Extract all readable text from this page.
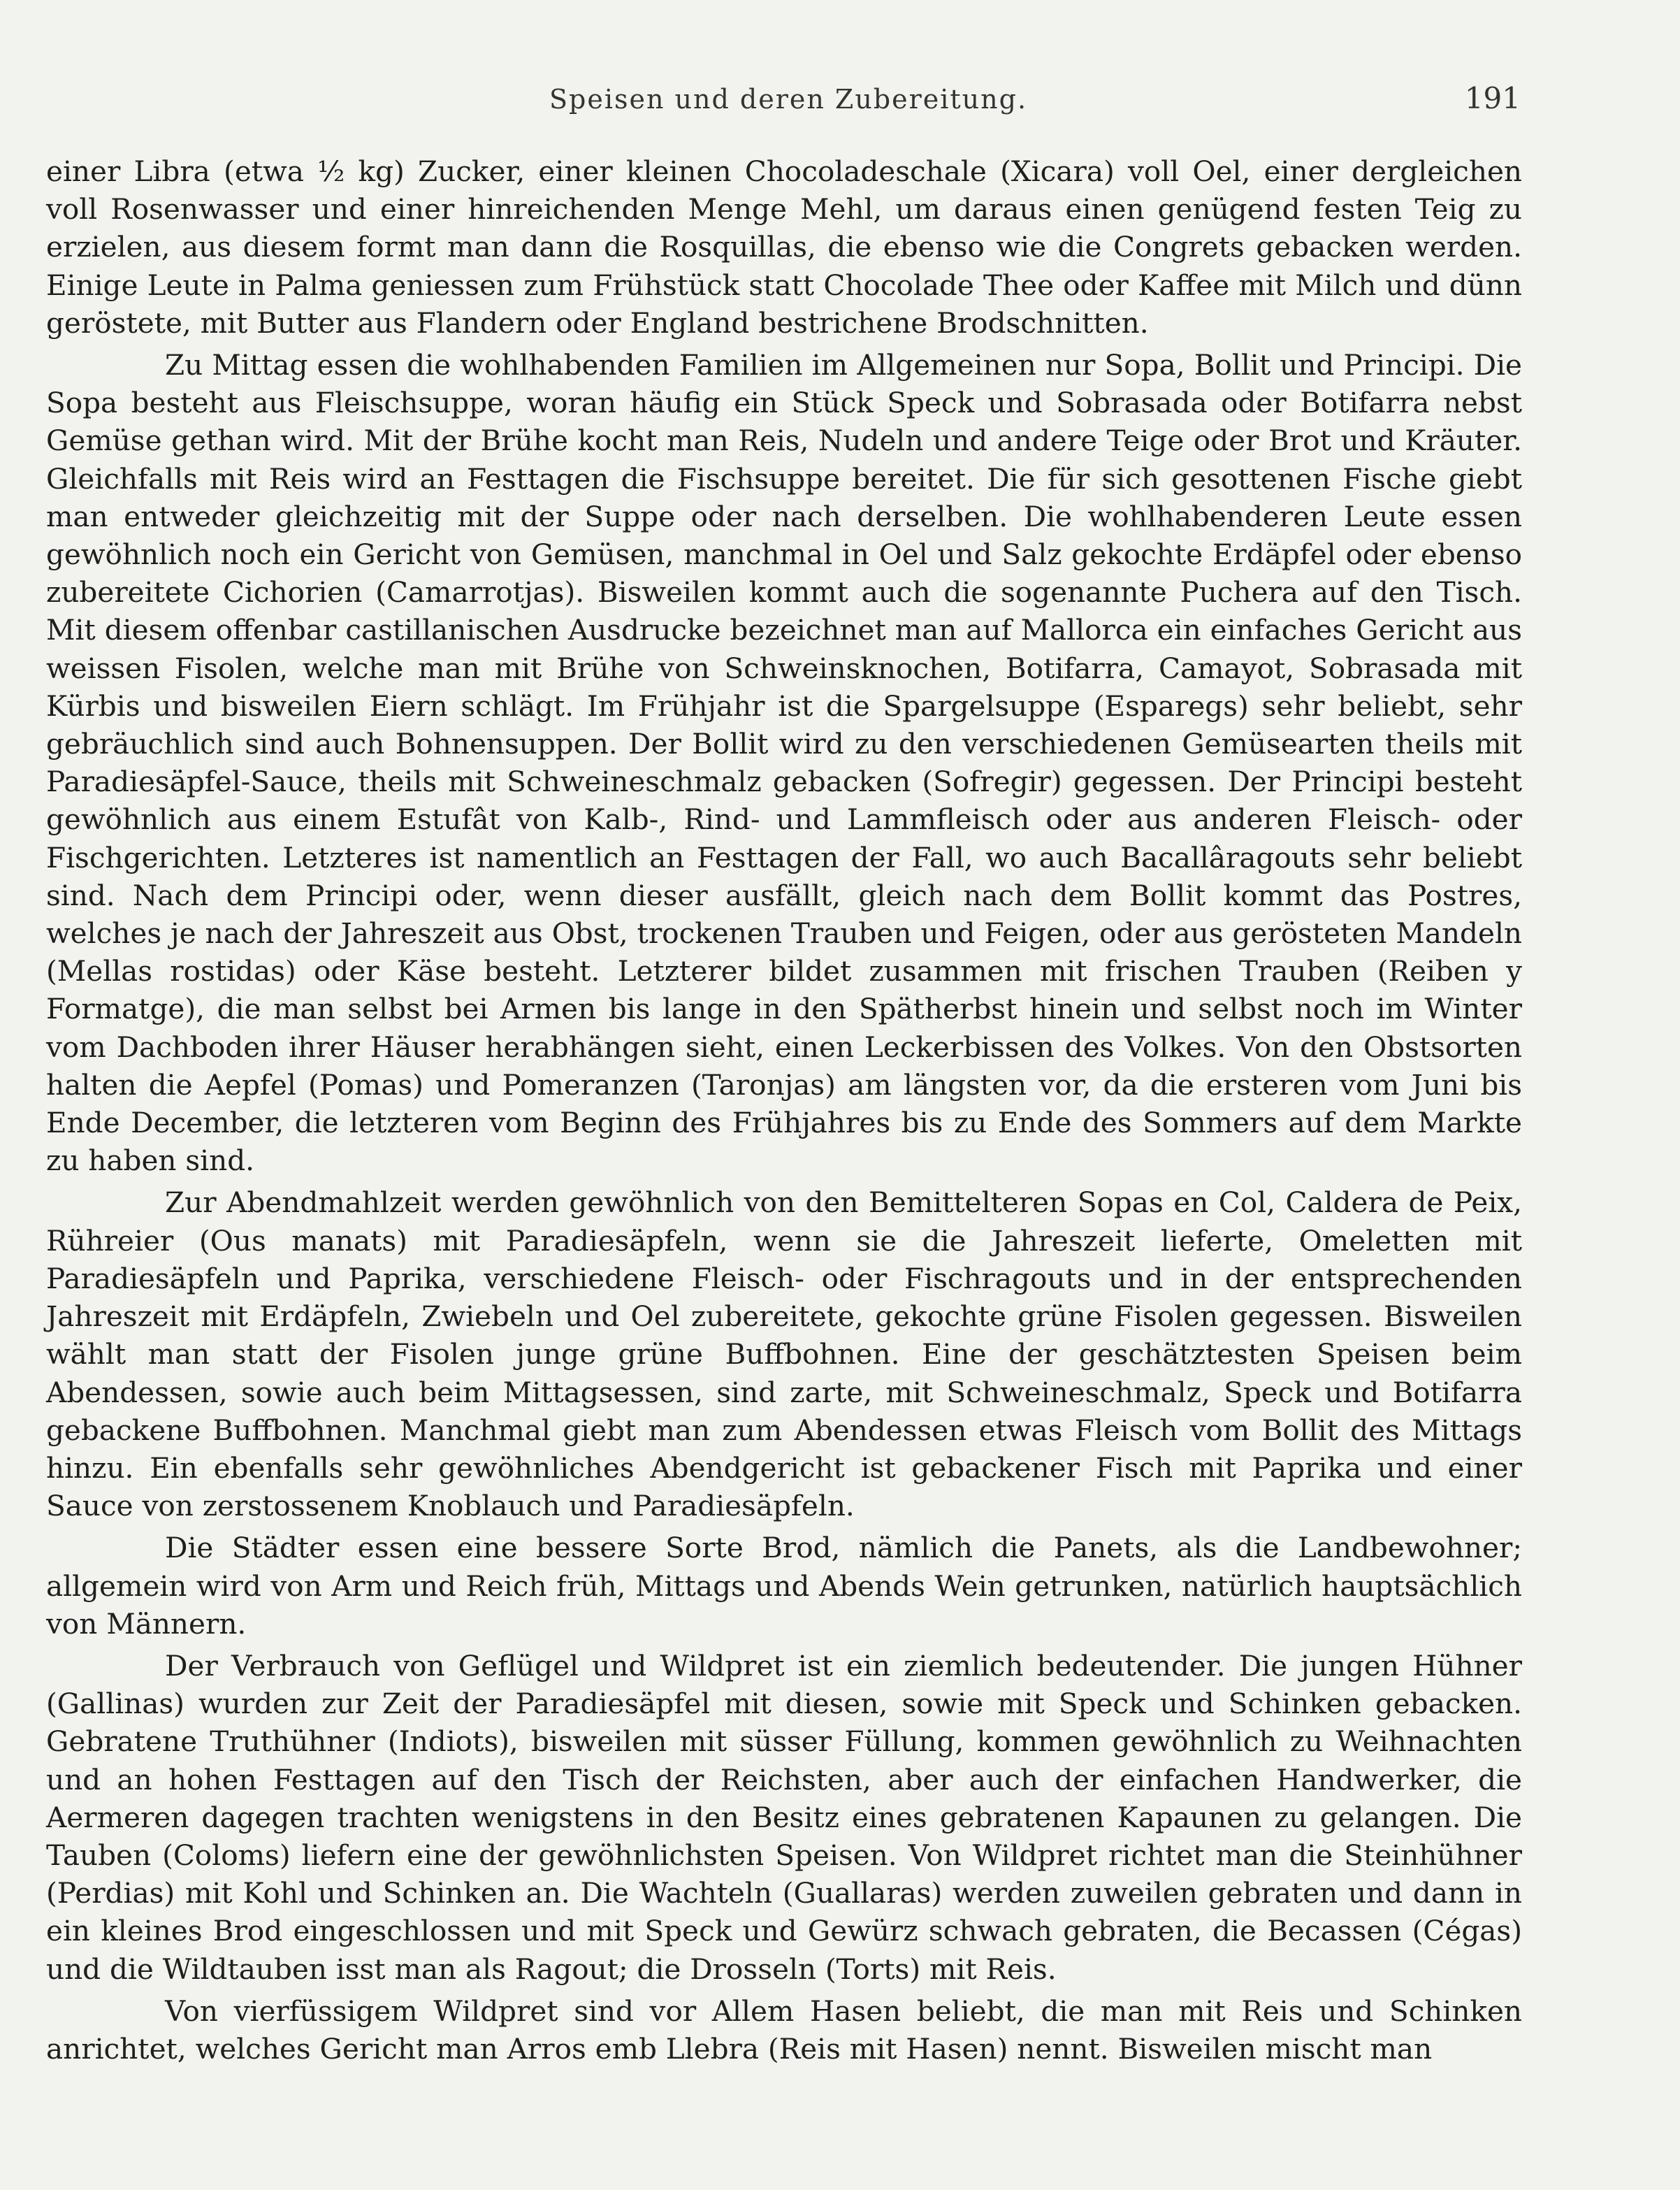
Speisen und deren Zubereitung.	191

einer Libra (etwa ½ kg) Zucker, einer kleinen Chocoladeschale (Xicara) voll Oel, einer dergleichen voll Rosenwasser und einer hinreichenden Menge Mehl, um daraus einen genügend festen Teig zu erzielen, aus diesem formt man dann die Rosquillas, die ebenso wie die Congrets gebacken werden. Einige Leute in Palma geniessen zum Frühstück statt Chocolade Thee oder Kaffee mit Milch und dünn geröstete, mit Butter aus Flandern oder England bestrichene Brodschnitten.

Zu Mittag essen die wohlhabenden Familien im Allgemeinen nur Sopa, Bollit und Principi. Die Sopa besteht aus Fleischsuppe, woran häufig ein Stück Speck und Sobrasada oder Botifarra nebst Gemüse gethan wird. Mit der Brühe kocht man Reis, Nudeln und andere Teige oder Brot und Kräuter. Gleichfalls mit Reis wird an Festtagen die Fischsuppe bereitet. Die für sich gesottenen Fische giebt man entweder gleichzeitig mit der Suppe oder nach derselben. Die wohlhabenderen Leute essen gewöhnlich noch ein Gericht von Gemüsen, manchmal in Oel und Salz gekochte Erdäpfel oder ebenso zubereitete Cichorien (Camarrotjas). Bisweilen kommt auch die sogenannte Puchera auf den Tisch. Mit diesem offenbar castillanischen Ausdrucke bezeichnet man auf Mallorca ein einfaches Gericht aus weissen Fisolen, welche man mit Brühe von Schweinsknochen, Botifarra, Camayot, Sobrasada mit Kürbis und bisweilen Eiern schlägt. Im Frühjahr ist die Spargelsuppe (Esparegs) sehr beliebt, sehr gebräuchlich sind auch Bohnensuppen. Der Bollit wird zu den verschiedenen Gemüsearten theils mit Paradiesäpfel-Sauce, theils mit Schweineschmalz gebacken (Sofregir) gegessen. Der Principi besteht gewöhnlich aus einem Estufât von Kalb-, Rind- und Lammfleisch oder aus anderen Fleisch- oder Fischgerichten. Letzteres ist namentlich an Festtagen der Fall, wo auch Bacallâragouts sehr beliebt sind. Nach dem Principi oder, wenn dieser ausfällt, gleich nach dem Bollit kommt das Postres, welches je nach der Jahreszeit aus Obst, trockenen Trauben und Feigen, oder aus gerösteten Mandeln (Mellas rostidas) oder Käse besteht. Letzterer bildet zusammen mit frischen Trauben (Reiben y Formatge), die man selbst bei Armen bis lange in den Spätherbst hinein und selbst noch im Winter vom Dachboden ihrer Häuser herabhängen sieht, einen Leckerbissen des Volkes. Von den Obstsorten halten die Aepfel (Pomas) und Pomeranzen (Taronjas) am längsten vor, da die ersteren vom Juni bis Ende December, die letzteren vom Beginn des Frühjahres bis zu Ende des Sommers auf dem Markte zu haben sind.

Zur Abendmahlzeit werden gewöhnlich von den Bemittelteren Sopas en Col, Caldera de Peix, Rühreier (Ous manats) mit Paradiesäpfeln, wenn sie die Jahreszeit lieferte, Omeletten mit Paradiesäpfeln und Paprika, verschiedene Fleisch- oder Fischragouts und in der entsprechenden Jahreszeit mit Erdäpfeln, Zwiebeln und Oel zubereitete, gekochte grüne Fisolen gegessen. Bisweilen wählt man statt der Fisolen junge grüne Buffbohnen. Eine der geschätztesten Speisen beim Abendessen, sowie auch beim Mittagsessen, sind zarte, mit Schweineschmalz, Speck und Botifarra gebackene Buffbohnen. Manchmal giebt man zum Abendessen etwas Fleisch vom Bollit des Mittags hinzu. Ein ebenfalls sehr gewöhnliches Abendgericht ist gebackener Fisch mit Paprika und einer Sauce von zerstossenem Knoblauch und Paradiesäpfeln.

Die Städter essen eine bessere Sorte Brod, nämlich die Panets, als die Landbewohner; allgemein wird von Arm und Reich früh, Mittags und Abends Wein getrunken, natürlich hauptsächlich von Männern.

Der Verbrauch von Geflügel und Wildpret ist ein ziemlich bedeutender. Die jungen Hühner (Gallinas) wurden zur Zeit der Paradiesäpfel mit diesen, sowie mit Speck und Schinken gebacken. Gebratene Truthühner (Indiots), bisweilen mit süsser Füllung, kommen gewöhnlich zu Weihnachten und an hohen Festtagen auf den Tisch der Reichsten, aber auch der einfachen Handwerker, die Aermeren dagegen trachten wenigstens in den Besitz eines gebratenen Kapaunen zu gelangen. Die Tauben (Coloms) liefern eine der gewöhnlichsten Speisen. Von Wildpret richtet man die Steinhühner (Perdias) mit Kohl und Schinken an. Die Wachteln (Guallaras) werden zuweilen gebraten und dann in ein kleines Brod eingeschlossen und mit Speck und Gewürz schwach gebraten, die Becassen (Cégas) und die Wildtauben isst man als Ragout; die Drosseln (Torts) mit Reis.

Von vierfüssigem Wildpret sind vor Allem Hasen beliebt, die man mit Reis und Schinken anrichtet, welches Gericht man Arros emb Llebra (Reis mit Hasen) nennt. Bisweilen mischt man
